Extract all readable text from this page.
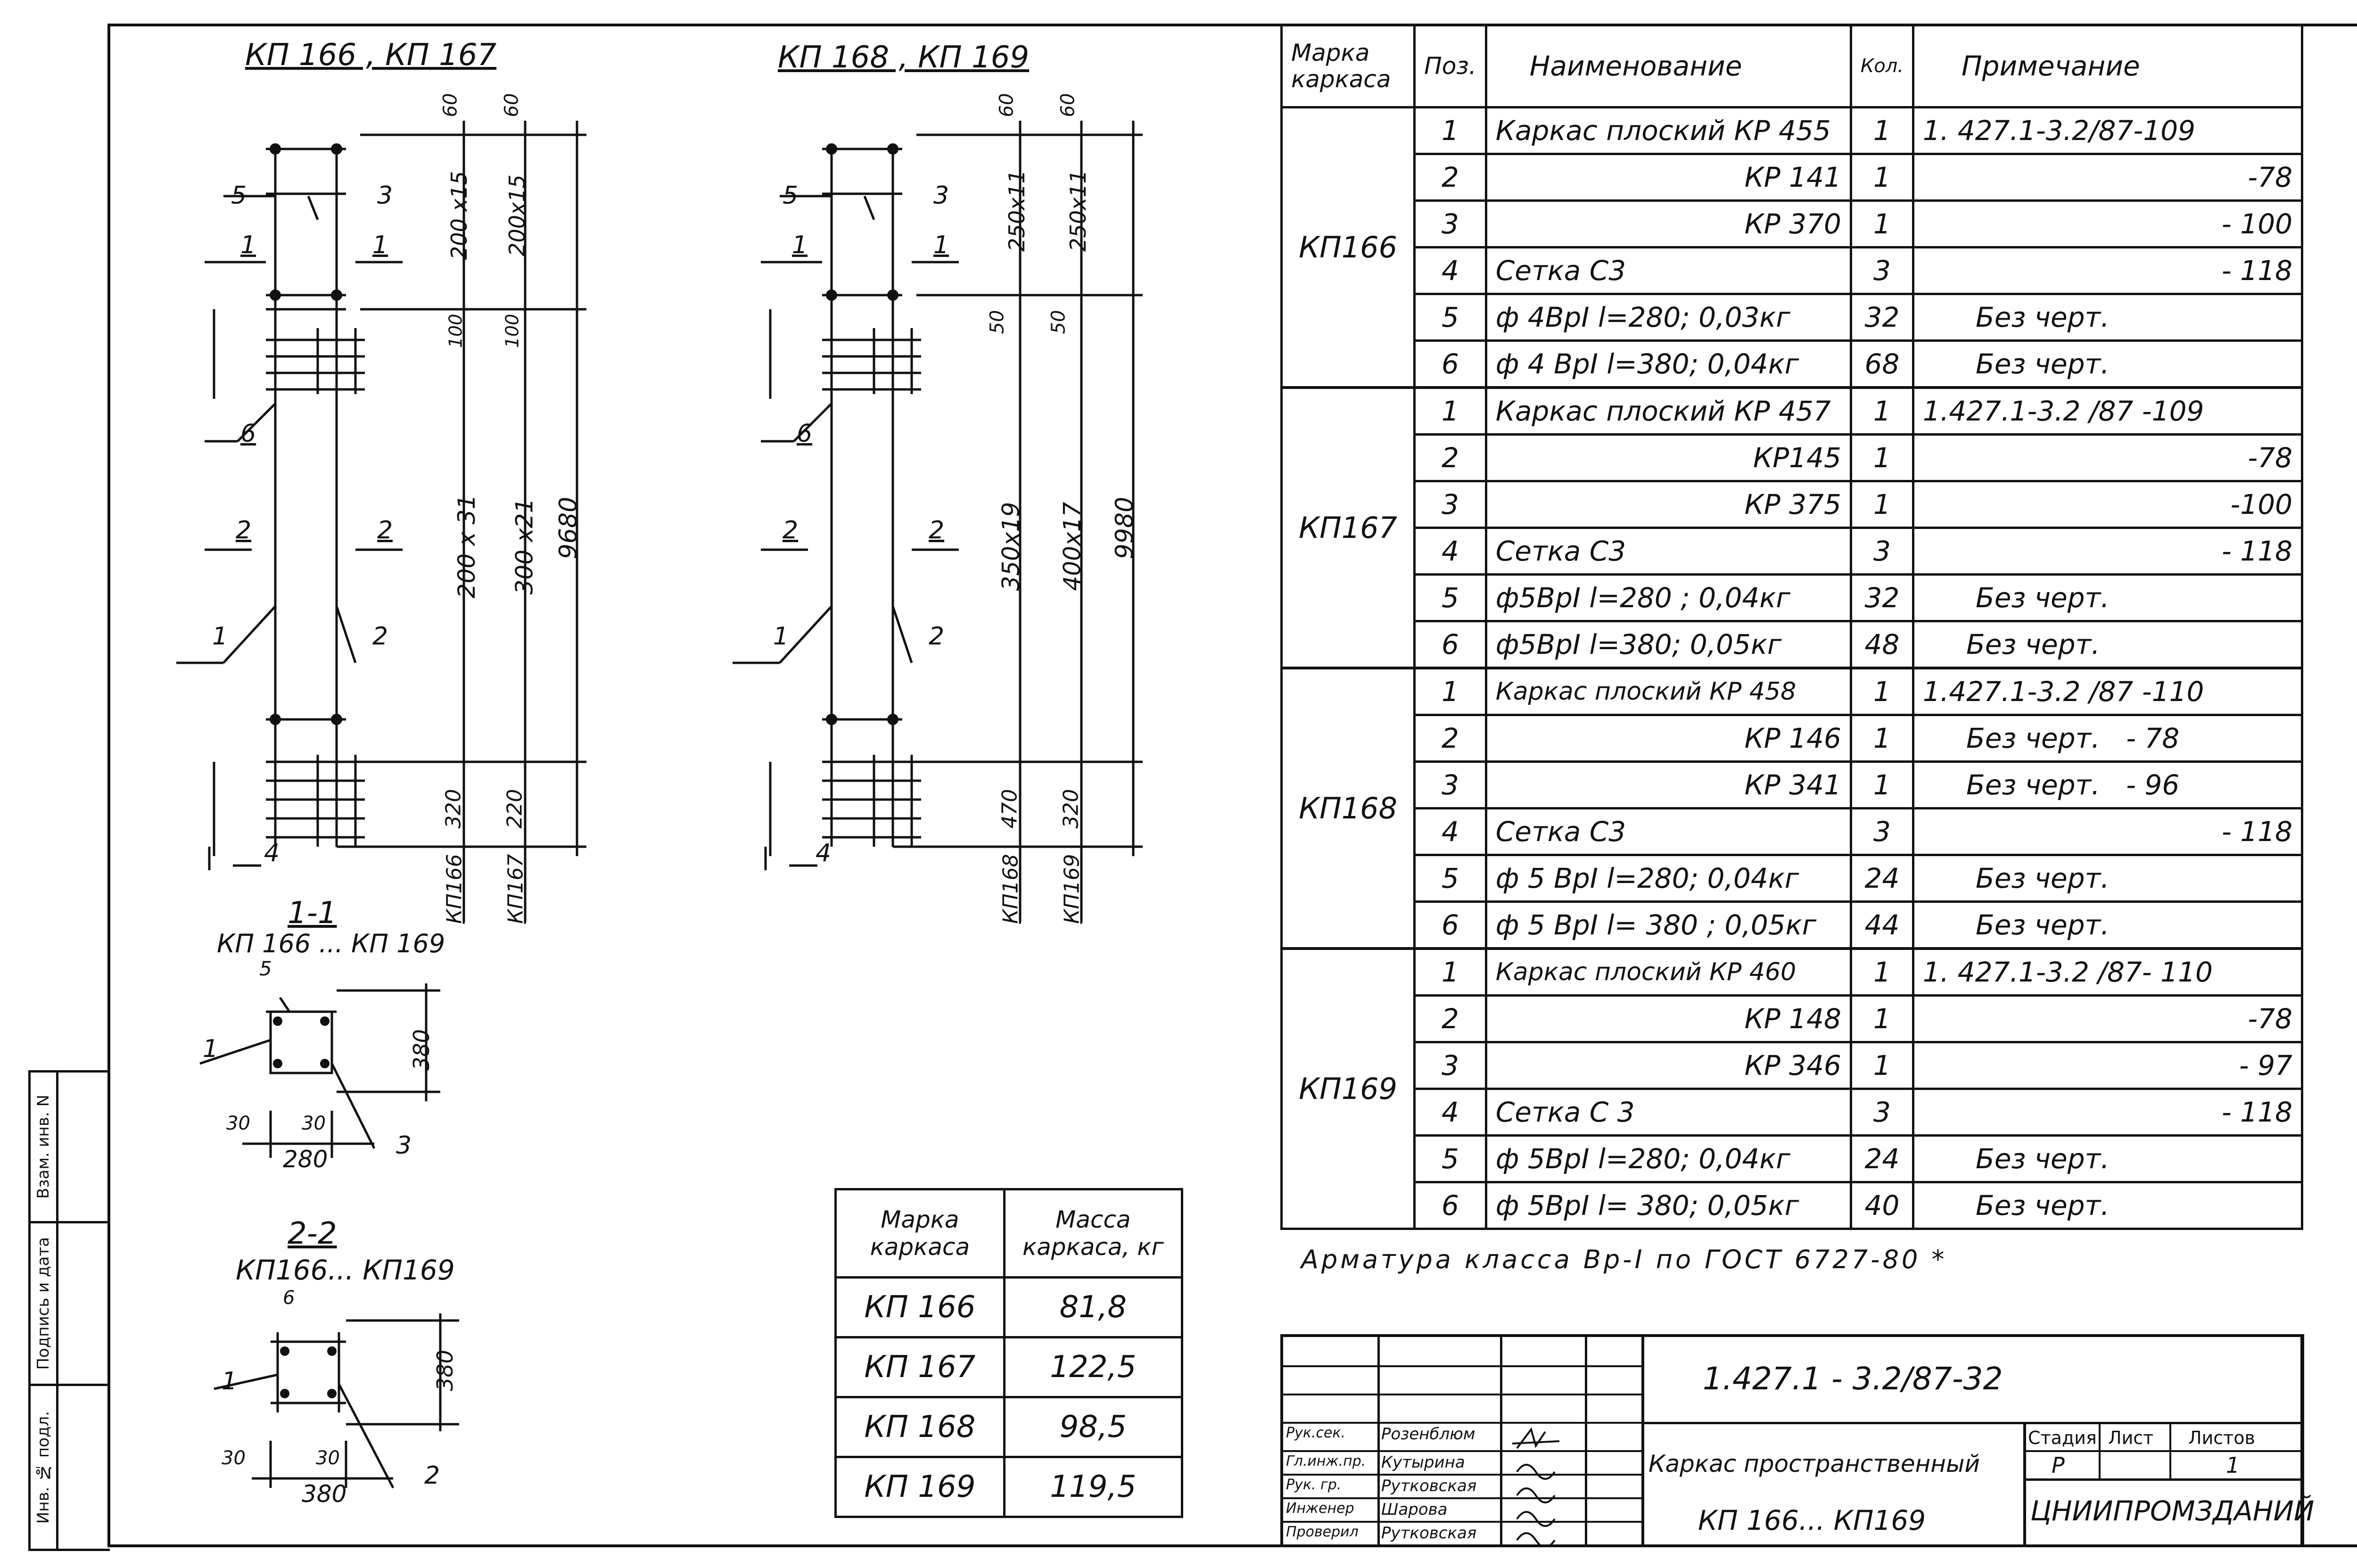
Взам. инв. N
Подпись и дата
Инв. № подл.
КП 166 , КП 167
60 60
200 х15 200х15
100 100
200 х 31 300 х21 9680
320 220
КП166 КП167
5	3
1	1
6
2	2
1	2
4
КП 168 , КП 169
60 60
250х11 250х11
50 50
350х19 400х17 9980
470 320
КП168 КП169
5	3
1	1
6
2	2
1	2
4
1-1
КП 166 ... КП 169
5
1
3
380
30	30
280
2-2
КП166... КП169
6
1
2
380
30	30
380
Марка каркаса	Поз.	Наименование	Кол.	Примечание
КП166	1	Каркас плоский КР 455	1	1. 427.1-3.2/87-109
	2	КР 141	1	-78
	3	КР 370	1	- 100
	4	Сетка С3	3	- 118
	5	ф 4ВрI l=280; 0,03кг	32	Без черт.
	6	ф 4 ВрI l=380; 0,04кг	68	Без черт.
КП167	1	Каркас плоский КР 457	1	1.427.1-3.2 /87 -109
	2	КР145	1	-78
	3	КР 375	1	-100
	4	Сетка С3	3	- 118
	5	ф5ВрI l=280 ; 0,04кг	32	Без черт.
	6	ф5ВрI l=380; 0,05кг	48	Без черт.
КП168	1	Каркас плоский КР 458	1	1.427.1-3.2 /87 -110
	2	КР 146	1	Без черт.   - 78
	3	КР 341	1	Без черт.   - 96
	4	Сетка С3	3	- 118
	5	ф 5 ВрI l=280; 0,04кг	24	Без черт.
	6	ф 5 ВрI l= 380 ; 0,05кг	44	Без черт.
КП169	1	Каркас плоский КР 460	1	1. 427.1-3.2 /87- 110
	2	КР 148	1	-78
	3	КР 346	1	- 97
	4	Сетка С 3	3	- 118
	5	ф 5ВрI l=280; 0,04кг	24	Без черт.
	6	ф 5ВрI l= 380; 0,05кг	40	Без черт.
Арматура класса Вр-I по ГОСТ 6727-80 *
Марка каркаса	Масса каркаса, кг
КП 166	81,8
КП 167	122,5
КП 168	98,5
КП 169	119,5
Рук.сек. Розенблюм
Гл.инж.пр. Кутырина
Рук. гр. Рутковская
Инженер Шарова
Проверил Рутковская
1.427.1 - 3.2/87-32
Каркас пространственный
КП 166... КП169
Стадия Лист Листов
Р	1
ЦНИИПРОМЗДАНИЙ
